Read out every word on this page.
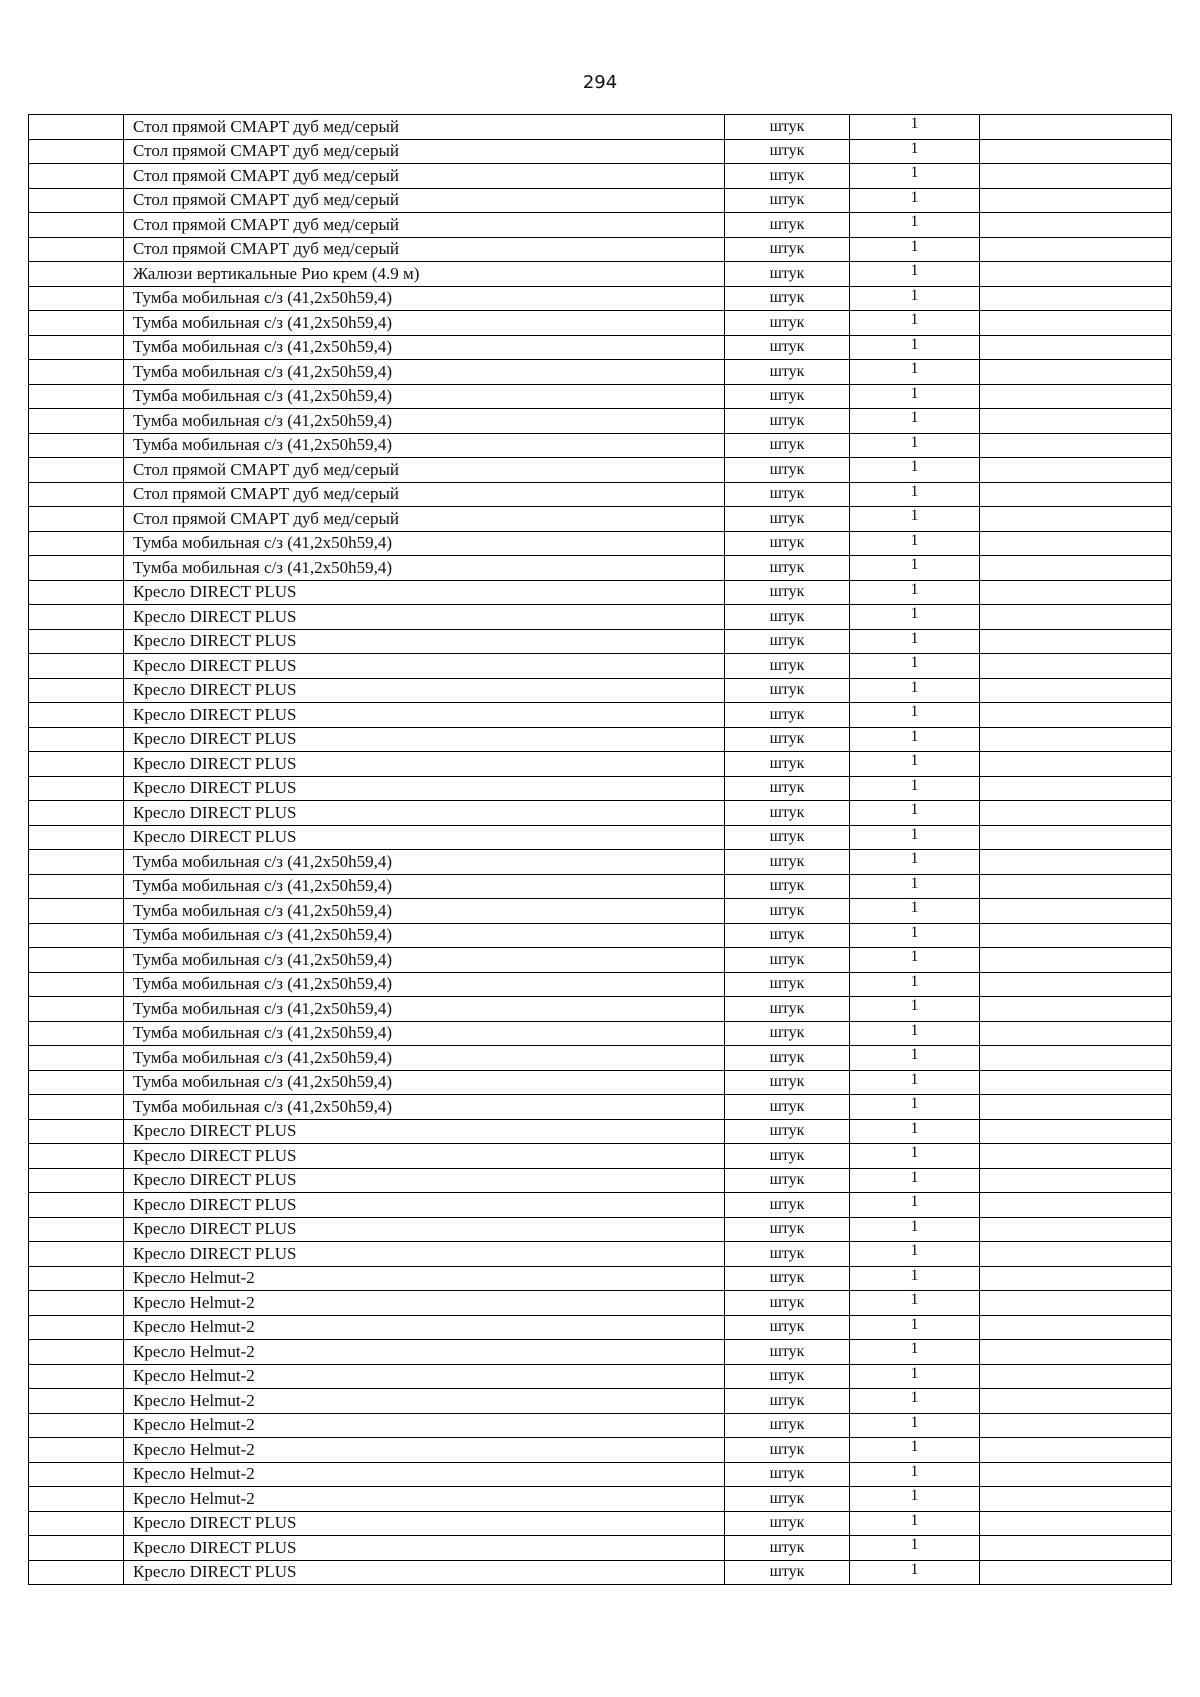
294
	Стол прямой СМАРТ дуб мед/серый	штук	1	
	Стол прямой СМАРТ дуб мед/серый	штук	1	
	Стол прямой СМАРТ дуб мед/серый	штук	1	
	Стол прямой СМАРТ дуб мед/серый	штук	1	
	Стол прямой СМАРТ дуб мед/серый	штук	1	
	Стол прямой СМАРТ дуб мед/серый	штук	1	
	Жалюзи вертикальные Рио крем (4.9 м)	штук	1	
	Тумба мобильная с/з (41,2х50h59,4)	штук	1	
	Тумба мобильная с/з (41,2х50h59,4)	штук	1	
	Тумба мобильная с/з (41,2х50h59,4)	штук	1	
	Тумба мобильная с/з (41,2х50h59,4)	штук	1	
	Тумба мобильная с/з (41,2х50h59,4)	штук	1	
	Тумба мобильная с/з (41,2х50h59,4)	штук	1	
	Тумба мобильная с/з (41,2х50h59,4)	штук	1	
	Стол прямой СМАРТ дуб мед/серый	штук	1	
	Стол прямой СМАРТ дуб мед/серый	штук	1	
	Стол прямой СМАРТ дуб мед/серый	штук	1	
	Тумба мобильная с/з (41,2х50h59,4)	штук	1	
	Тумба мобильная с/з (41,2х50h59,4)	штук	1	
	Кресло DIRECT PLUS	штук	1	
	Кресло DIRECT PLUS	штук	1	
	Кресло DIRECT PLUS	штук	1	
	Кресло DIRECT PLUS	штук	1	
	Кресло DIRECT PLUS	штук	1	
	Кресло DIRECT PLUS	штук	1	
	Кресло DIRECT PLUS	штук	1	
	Кресло DIRECT PLUS	штук	1	
	Кресло DIRECT PLUS	штук	1	
	Кресло DIRECT PLUS	штук	1	
	Кресло DIRECT PLUS	штук	1	
	Тумба мобильная с/з (41,2х50h59,4)	штук	1	
	Тумба мобильная с/з (41,2х50h59,4)	штук	1	
	Тумба мобильная с/з (41,2х50h59,4)	штук	1	
	Тумба мобильная с/з (41,2х50h59,4)	штук	1	
	Тумба мобильная с/з (41,2х50h59,4)	штук	1	
	Тумба мобильная с/з (41,2х50h59,4)	штук	1	
	Тумба мобильная с/з (41,2х50h59,4)	штук	1	
	Тумба мобильная с/з (41,2х50h59,4)	штук	1	
	Тумба мобильная с/з (41,2х50h59,4)	штук	1	
	Тумба мобильная с/з (41,2х50h59,4)	штук	1	
	Тумба мобильная с/з (41,2х50h59,4)	штук	1	
	Кресло DIRECT PLUS	штук	1	
	Кресло DIRECT PLUS	штук	1	
	Кресло DIRECT PLUS	штук	1	
	Кресло DIRECT PLUS	штук	1	
	Кресло DIRECT PLUS	штук	1	
	Кресло DIRECT PLUS	штук	1	
	Кресло Helmut-2	штук	1	
	Кресло Helmut-2	штук	1	
	Кресло Helmut-2	штук	1	
	Кресло Helmut-2	штук	1	
	Кресло Helmut-2	штук	1	
	Кресло Helmut-2	штук	1	
	Кресло Helmut-2	штук	1	
	Кресло Helmut-2	штук	1	
	Кресло Helmut-2	штук	1	
	Кресло Helmut-2	штук	1	
	Кресло DIRECT PLUS	штук	1	
	Кресло DIRECT PLUS	штук	1	
	Кресло DIRECT PLUS	штук	1	
